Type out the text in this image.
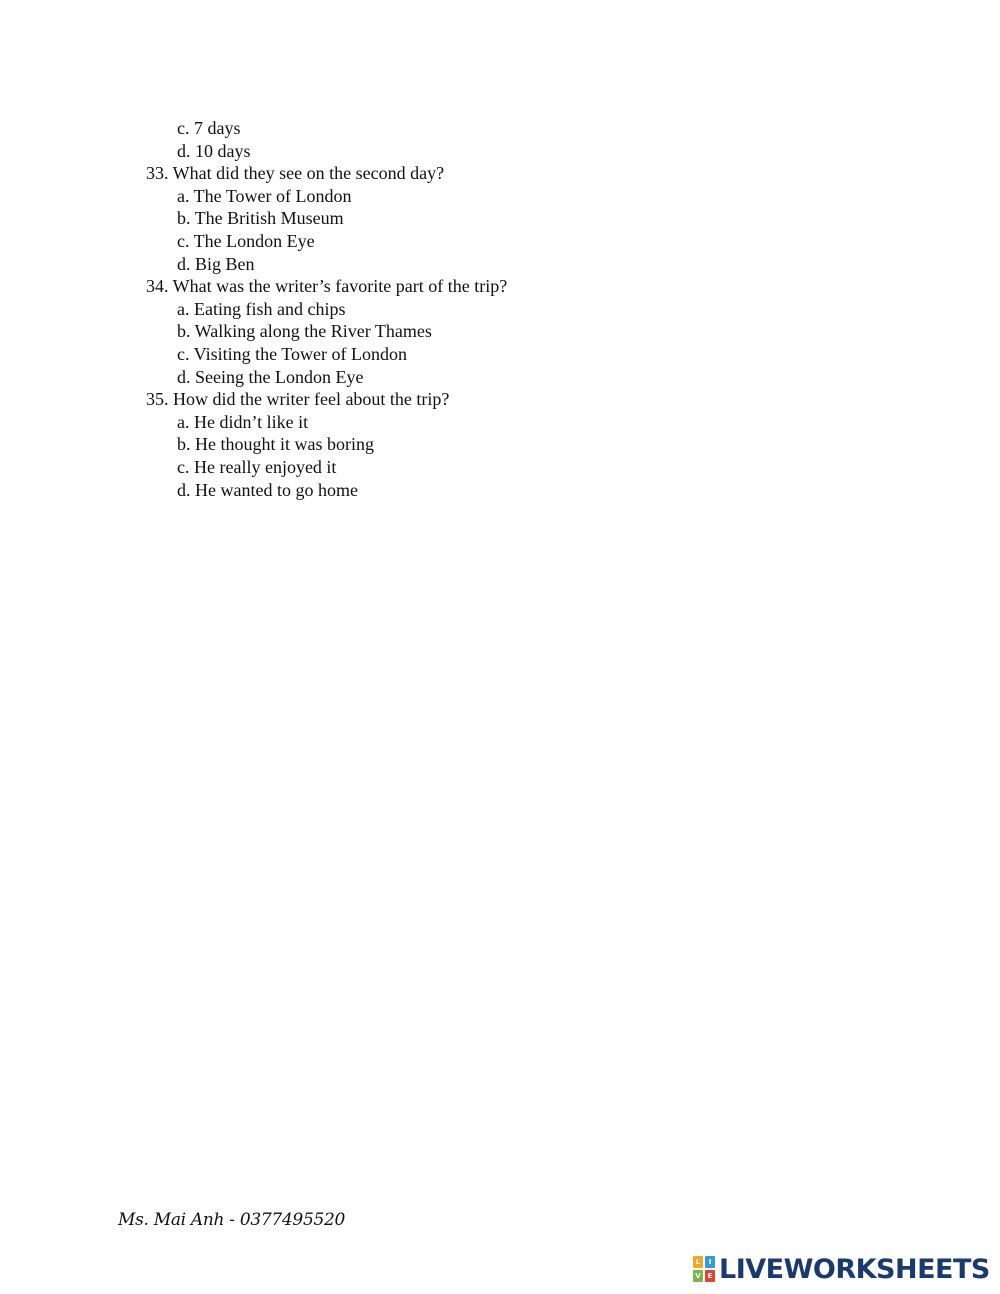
c. 7 days
d. 10 days
33. What did they see on the second day?
a. The Tower of London
b. The British Museum
c. The London Eye
d. Big Ben
34. What was the writer’s favorite part of the trip?
a. Eating fish and chips
b. Walking along the River Thames
c. Visiting the Tower of London
d. Seeing the London Eye
35. How did the writer feel about the trip?
a. He didn’t like it
b. He thought it was boring
c. He really enjoyed it
d. He wanted to go home
Ms. Mai Anh - 0377495520
L	I
V E LIVEWORKSHEETS
